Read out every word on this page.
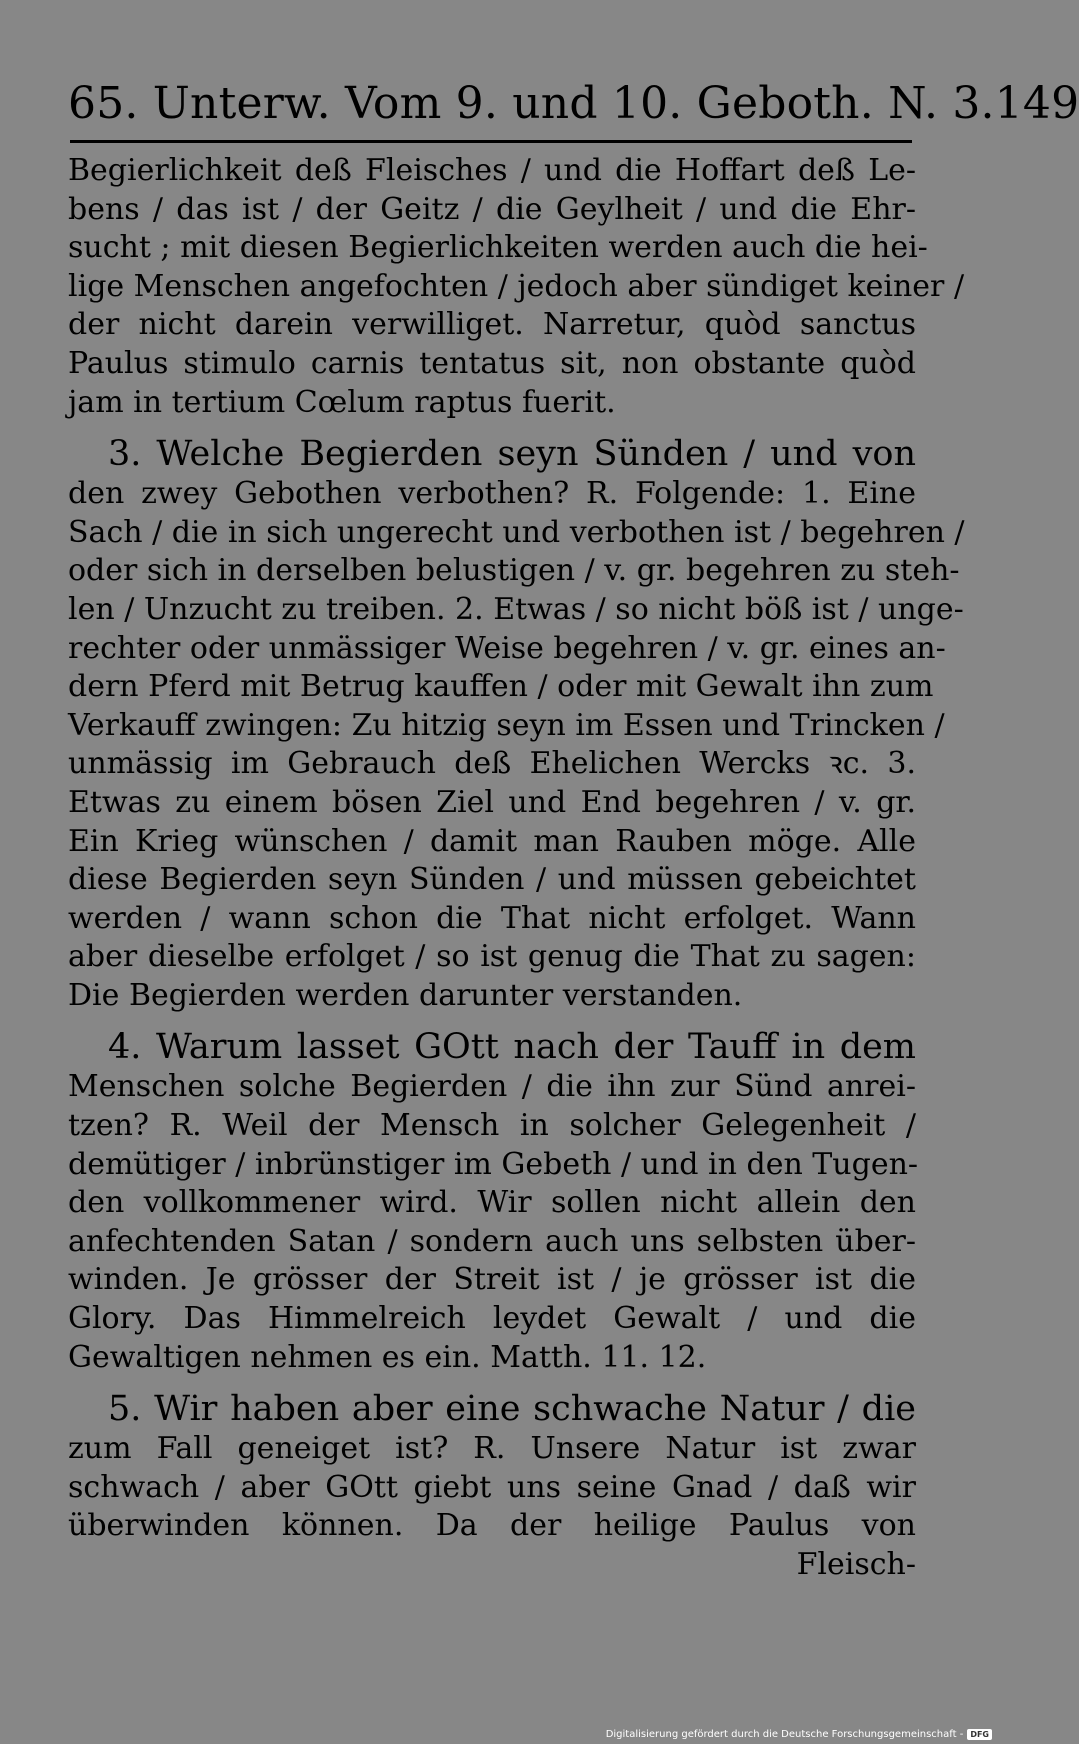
65. Unterw. Vom 9. und 10. Geboth. N. 3. 149
Begierlichkeit deß Fleisches / und die Hoffart deß Le-
bens / das ist / der Geitz / die Geylheit / und die Ehr-
sucht ; mit diesen Begierlichkeiten werden auch die hei-
lige Menschen angefochten / jedoch aber sündiget keiner /
der nicht darein verwilliget. Narretur, quòd sanctus
Paulus stimulo carnis tentatus sit, non obstante quòd
jam in tertium Cœlum raptus fuerit.
3. Welche Begierden seyn Sünden / und von
den zwey Gebothen verbothen? R. Folgende: 1. Eine
Sach / die in sich ungerecht und verbothen ist / begehren /
oder sich in derselben belustigen / v. gr. begehren zu steh-
len / Unzucht zu treiben. 2. Etwas / so nicht böß ist / unge-
rechter oder unmässiger Weise begehren / v. gr. eines an-
dern Pferd mit Betrug kauffen / oder mit Gewalt ihn zum
Verkauff zwingen: Zu hitzig seyn im Essen und Trincken /
unmässig im Gebrauch deß Ehelichen Wercks ꝛc. 3.
Etwas zu einem bösen Ziel und End begehren / v. gr.
Ein Krieg wünschen / damit man Rauben möge. Alle
diese Begierden seyn Sünden / und müssen gebeichtet
werden / wann schon die That nicht erfolget. Wann
aber dieselbe erfolget / so ist genug die That zu sagen:
Die Begierden werden darunter verstanden.
4. Warum lasset GOtt nach der Tauff in dem
Menschen solche Begierden / die ihn zur Sünd anrei-
tzen? R. Weil der Mensch in solcher Gelegenheit /
demütiger / inbrünstiger im Gebeth / und in den Tugen-
den vollkommener wird. Wir sollen nicht allein den
anfechtenden Satan / sondern auch uns selbsten über-
winden. Je grösser der Streit ist / je grösser ist die
Glory. Das Himmelreich leydet Gewalt / und die
Gewaltigen nehmen es ein. Matth. 11. 12.
5. Wir haben aber eine schwache Natur / die
zum Fall geneiget ist? R. Unsere Natur ist zwar
schwach / aber GOtt giebt uns seine Gnad / daß wir
überwinden können. Da der heilige Paulus von
Fleisch-
Digitalisierung gefördert durch die Deutsche Forschungsgemeinschaft - DFG
